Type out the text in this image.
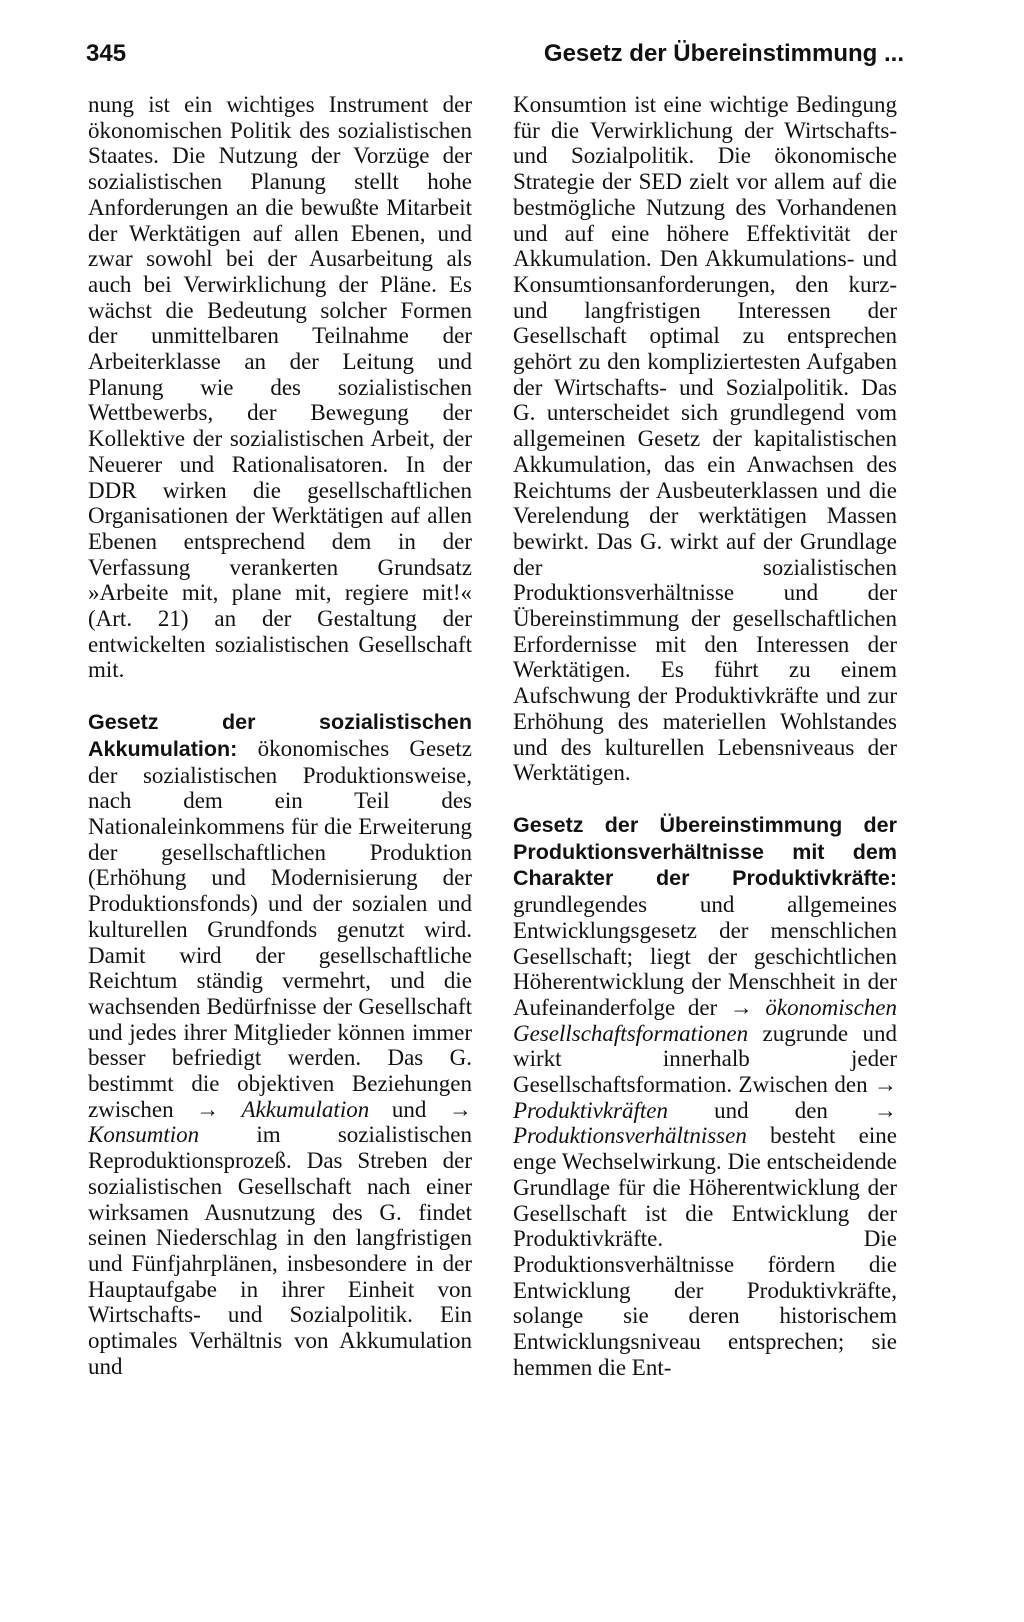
345	Gesetz der Übereinstimmung ...

nung ist ein wichtiges Instrument der ökonomischen Politik des sozialistischen Staates. Die Nutzung der Vorzüge der sozialistischen Planung stellt hohe Anforderungen an die bewußte Mitarbeit der Werktätigen auf allen Ebenen, und zwar sowohl bei der Ausarbeitung als auch bei Verwirklichung der Pläne. Es wächst die Bedeutung solcher Formen der unmittelbaren Teilnahme der Arbeiterklasse an der Leitung und Planung wie des sozialistischen Wettbewerbs, der Bewegung der Kollektive der sozialistischen Arbeit, der Neuerer und Rationalisatoren. In der DDR wirken die gesellschaftlichen Organisationen der Werktätigen auf allen Ebenen entsprechend dem in der Verfassung verankerten Grundsatz »Arbeite mit, plane mit, regiere mit!« (Art. 21) an der Gestaltung der entwickelten sozialistischen Gesellschaft mit.

Gesetz der sozialistischen Akkumulation: ökonomisches Gesetz der sozialistischen Produktionsweise, nach dem ein Teil des Nationaleinkommens für die Erweiterung der gesellschaftlichen Produktion (Erhöhung und Modernisierung der Produktionsfonds) und der sozialen und kulturellen Grundfonds genutzt wird. Damit wird der gesellschaftliche Reichtum ständig vermehrt, und die wachsenden Bedürfnisse der Gesellschaft und jedes ihrer Mitglieder können immer besser befriedigt werden. Das G. bestimmt die objektiven Beziehungen zwischen → Akkumulation und → Konsumtion im sozialistischen Reproduktionsprozeß. Das Streben der sozialistischen Gesellschaft nach einer wirksamen Ausnutzung des G. findet seinen Niederschlag in den langfristigen und Fünfjahrplänen, insbesondere in der Hauptaufgabe in ihrer Einheit von Wirtschafts- und Sozialpolitik. Ein optimales Verhältnis von Akkumulation und

Konsumtion ist eine wichtige Bedingung für die Verwirklichung der Wirtschafts- und Sozialpolitik. Die ökonomische Strategie der SED zielt vor allem auf die bestmögliche Nutzung des Vorhandenen und auf eine höhere Effektivität der Akkumulation. Den Akkumulations- und Konsumtionsanforderungen, den kurz- und langfristigen Interessen der Gesellschaft optimal zu entsprechen gehört zu den kompliziertesten Aufgaben der Wirtschafts- und Sozialpolitik. Das G. unterscheidet sich grundlegend vom allgemeinen Gesetz der kapitalistischen Akkumulation, das ein Anwachsen des Reichtums der Ausbeuterklassen und die Verelendung der werktätigen Massen bewirkt. Das G. wirkt auf der Grundlage der sozialistischen Produktionsverhältnisse und der Übereinstimmung der gesellschaftlichen Erfordernisse mit den Interessen der Werktätigen. Es führt zu einem Aufschwung der Produktivkräfte und zur Erhöhung des materiellen Wohlstandes und des kulturellen Lebensniveaus der Werktätigen.

Gesetz der Übereinstimmung der Produktionsverhältnisse mit dem Charakter der Produktivkräfte: grundlegendes und allgemeines Entwicklungsgesetz der menschlichen Gesellschaft; liegt der geschichtlichen Höherentwicklung der Menschheit in der Aufeinanderfolge der → ökonomischen Gesellschaftsformationen zugrunde und wirkt innerhalb jeder Gesellschaftsformation. Zwischen den → Produktivkräften und den → Produktionsverhältnissen besteht eine enge Wechselwirkung. Die entscheidende Grundlage für die Höherentwicklung der Gesellschaft ist die Entwicklung der Produktivkräfte. Die Produktionsverhältnisse fördern die Entwicklung der Produktivkräfte, solange sie deren historischem Entwicklungsniveau entsprechen; sie hemmen die Ent-
